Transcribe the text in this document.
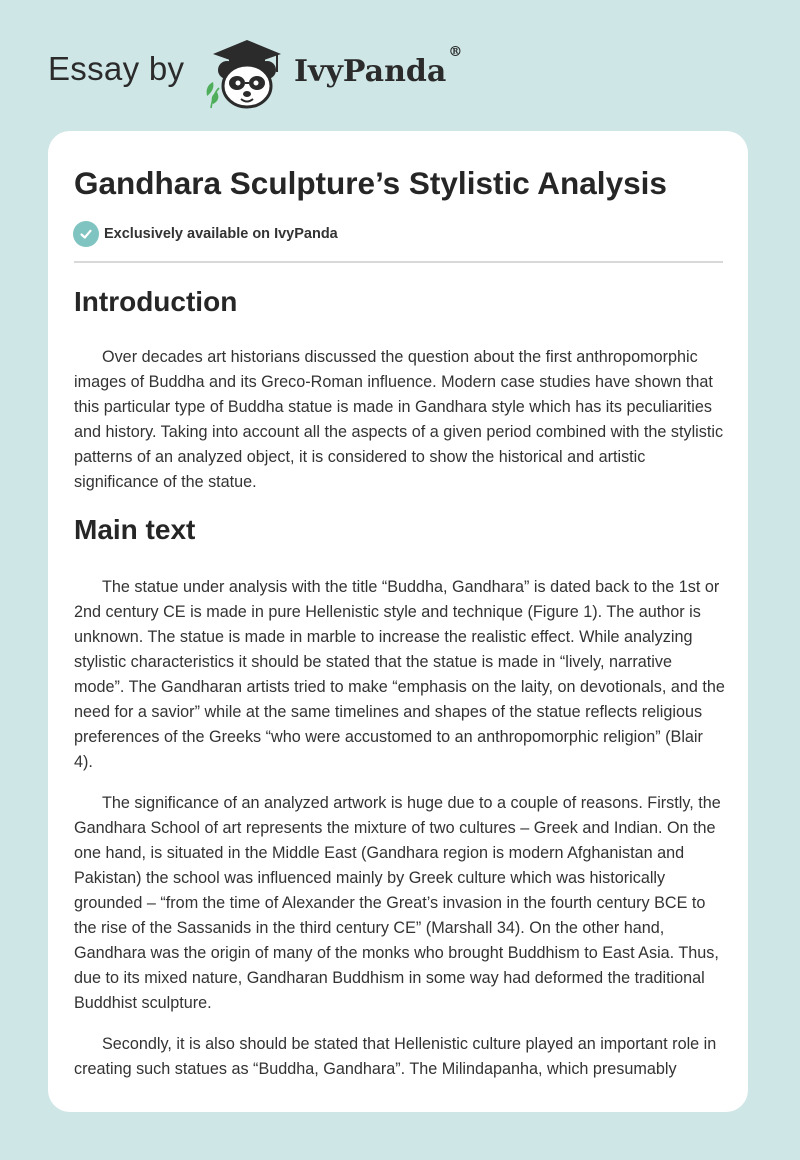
Essay by	IvyPanda®
Gandhara Sculpture’s Stylistic Analysis
Exclusively available on IvyPanda
Introduction

Over decades art historians discussed the question about the first anthropomorphic images of Buddha and its Greco-Roman influence. Modern case studies have shown that this particular type of Buddha statue is made in Gandhara style which has its peculiarities and history. Taking into account all the aspects of a given period combined with the stylistic patterns of an analyzed object, it is considered to show the historical and artistic significance of the statue.

Main text

The statue under analysis with the title “Buddha, Gandhara” is dated back to the 1st or 2nd century CE is made in pure Hellenistic style and technique (Figure 1). The author is unknown. The statue is made in marble to increase the realistic effect. While analyzing stylistic characteristics it should be stated that the statue is made in “lively, narrative mode”. The Gandharan artists tried to make “emphasis on the laity, on devotionals, and the need for a savior” while at the same timelines and shapes of the statue reflects religious preferences of the Greeks “who were accustomed to an anthropomorphic religion” (Blair 4).

The significance of an analyzed artwork is huge due to a couple of reasons. Firstly, the Gandhara School of art represents the mixture of two cultures – Greek and Indian. On the one hand, is situated in the Middle East (Gandhara region is modern Afghanistan and Pakistan) the school was influenced mainly by Greek culture which was historically grounded – “from the time of Alexander the Great’s invasion in the fourth century BCE to the rise of the Sassanids in the third century CE” (Marshall 34). On the other hand, Gandhara was the origin of many of the monks who brought Buddhism to East Asia. Thus, due to its mixed nature, Gandharan Buddhism in some way had deformed the traditional Buddhist sculpture.

Secondly, it is also should be stated that Hellenistic culture played an important role in creating such statues as “Buddha, Gandhara”. The Milindapanha, which presumably
